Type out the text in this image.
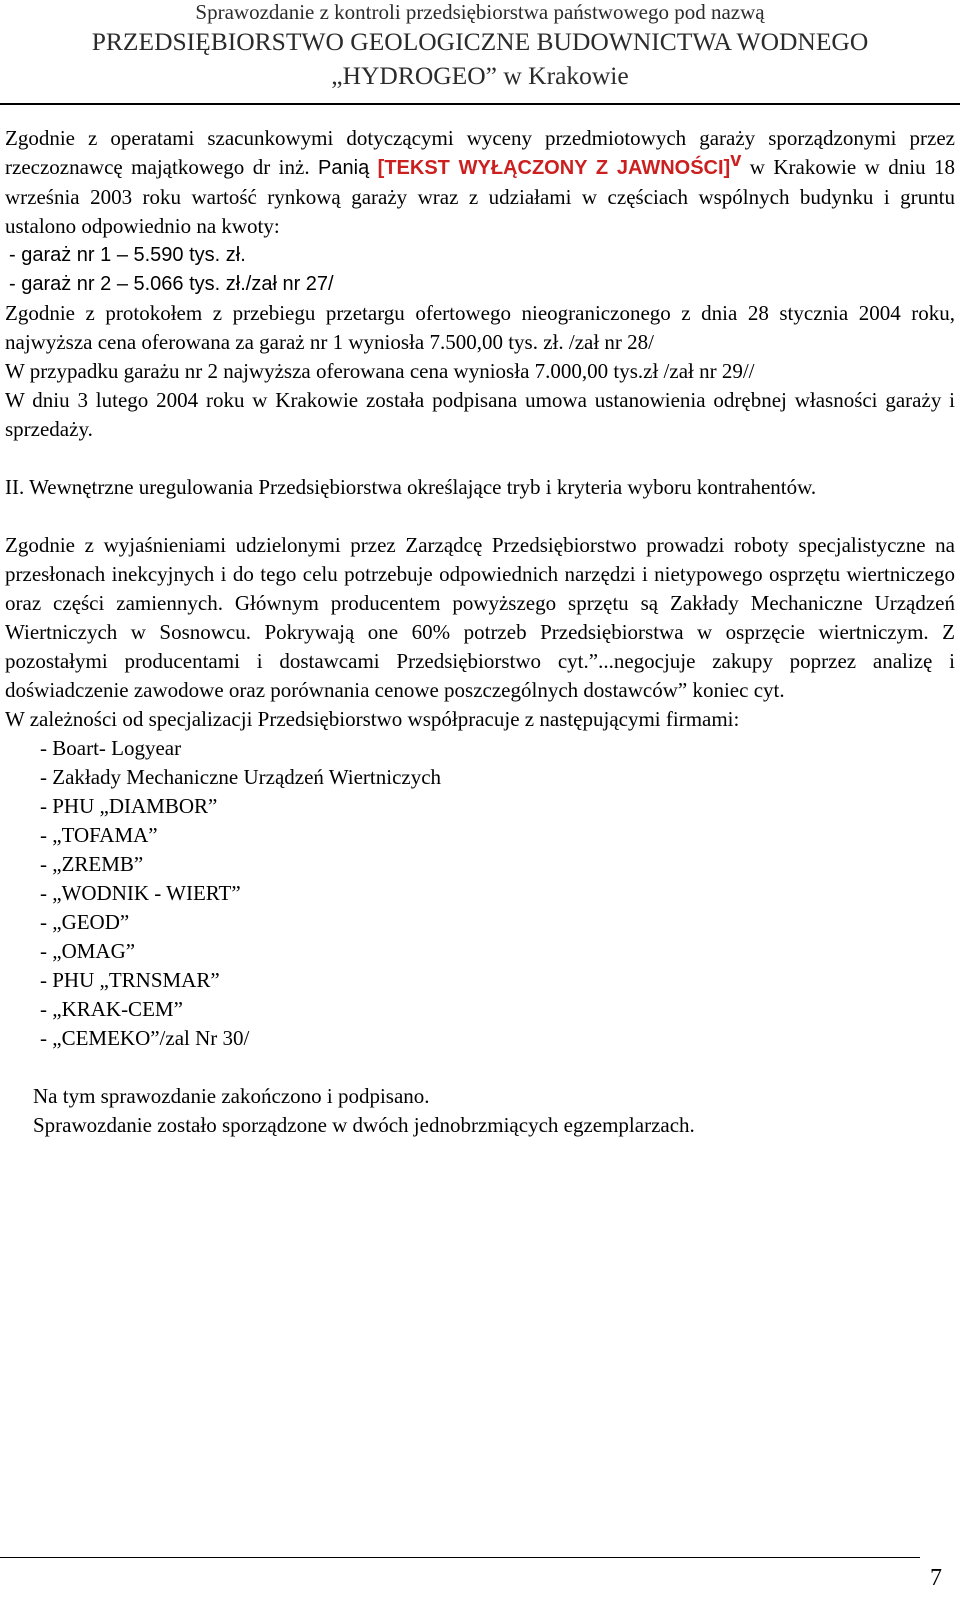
Sprawozdanie z kontroli przedsiębiorstwa państwowego pod nazwą
PRZEDSIĘBIORSTWO GEOLOGICZNE BUDOWNICTWA WODNEGO
„HYDROGEO” w Krakowie

Zgodnie z operatami szacunkowymi dotyczącymi wyceny przedmiotowych garaży sporządzonymi przez rzeczoznawcę majątkowego dr inż. Panią [TEKST WYŁĄCZONY Z JAWNOŚCI]$^v$ w Krakowie w dniu 18 września 2003 roku wartość rynkową garaży wraz z udziałami w częściach wspólnych budynku i gruntu ustalono odpowiednio na kwoty:

- garaż nr 1 – 5.590 tys. zł.
- garaż nr 2 – 5.066 tys. zł./zał nr 27/

Zgodnie z protokołem z przebiegu przetargu ofertowego nieograniczonego z dnia 28 stycznia 2004 roku, najwyższa cena oferowana za garaż nr 1 wyniosła 7.500,00 tys. zł. /zał nr 28/

W przypadku garażu nr 2 najwyższa oferowana cena wyniosła 7.000,00 tys.zł /zał nr 29//

W dniu 3 lutego 2004 roku w Krakowie została podpisana umowa ustanowienia odrębnej własności garaży i sprzedaży.

II. Wewnętrzne uregulowania Przedsiębiorstwa określające tryb i kryteria wyboru kontrahentów.

Zgodnie z wyjaśnieniami udzielonymi przez Zarządcę Przedsiębiorstwo prowadzi roboty specjalistyczne na przesłonach inekcyjnych i do tego celu potrzebuje odpowiednich narzędzi i nietypowego osprzętu wiertniczego oraz części zamiennych. Głównym producentem powyższego sprzętu są Zakłady Mechaniczne Urządzeń Wiertniczych w Sosnowcu. Pokrywają one 60% potrzeb Przedsiębiorstwa w osprzęcie wiertniczym. Z pozostałymi producentami i dostawcami Przedsiębiorstwo cyt.”...negocjuje zakupy poprzez analizę i doświadczenie zawodowe oraz porównania cenowe poszczególnych dostawców” koniec cyt.

W zależności od specjalizacji Przedsiębiorstwo współpracuje z następującymi firmami:

- Boart- Logyear
- Zakłady Mechaniczne Urządzeń Wiertniczych
- PHU „DIAMBOR”
- „TOFAMA”
- „ZREMB”
- „WODNIK - WIERT”
- „GEOD”
- „OMAG”
- PHU „TRNSMAR”
- „KRAK-CEM”
- „CEMEKO”/zal Nr 30/
Na tym sprawozdanie zakończono i podpisano.
Sprawozdanie zostało sporządzone w dwóch jednobrzmiących egzemplarzach.
7
